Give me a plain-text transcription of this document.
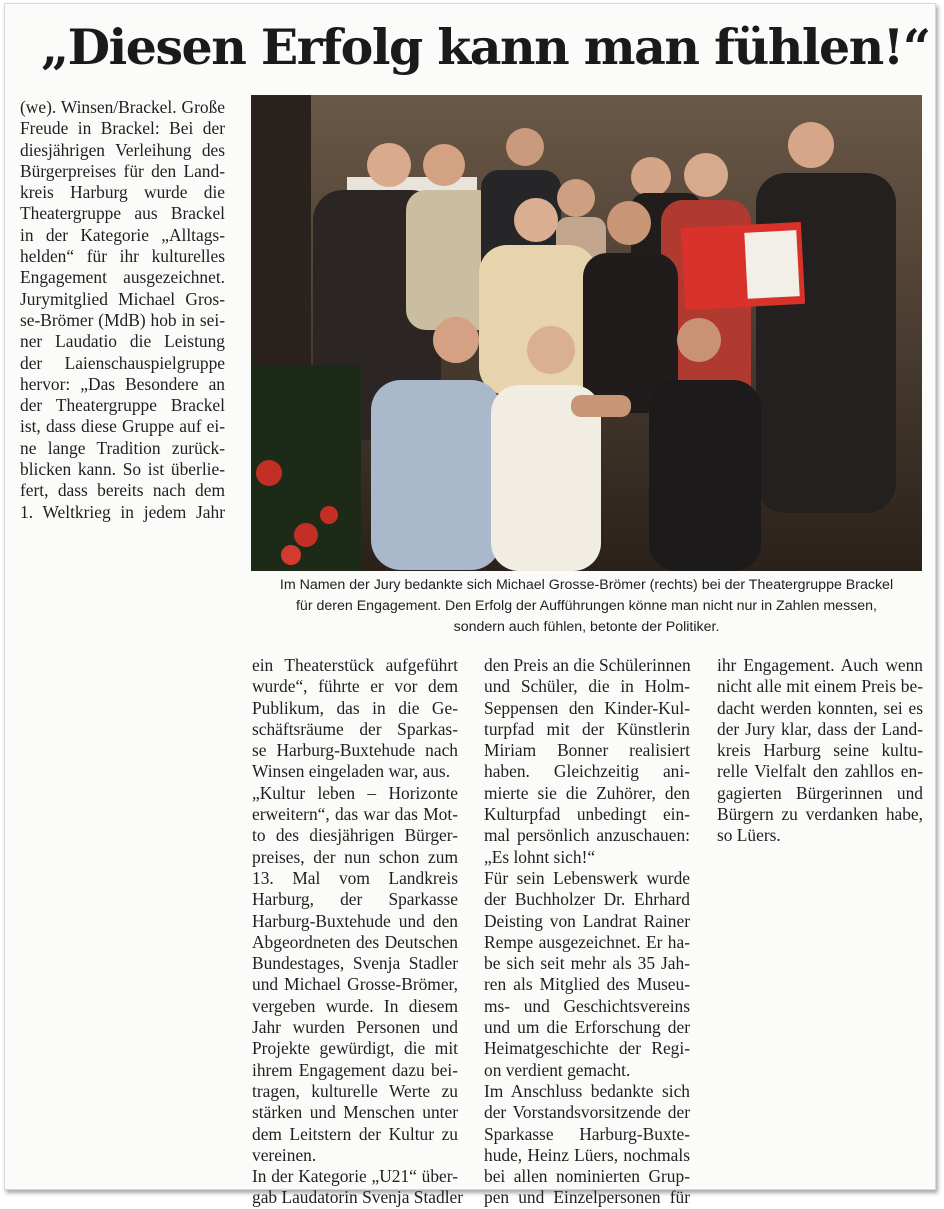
„Diesen Erfolg kann man fühlen!“
(we). Winsen/Brackel. Große
Freude in Brackel: Bei der
diesjährigen Verleihung des
Bürgerpreises für den Land-
kreis Harburg wurde die
Theatergruppe aus Brackel
in der Kategorie „Alltags-
helden“ für ihr kulturelles
Engagement ausgezeichnet.
Jurymitglied Michael Gros-
se-Brömer (MdB) hob in sei-
ner Laudatio die Leistung
der Laienschauspielgruppe
hervor: „Das Besondere an
der Theatergruppe Brackel
ist, dass diese Gruppe auf ei-
ne lange Tradition zurück-
blicken kann. So ist überlie-
fert, dass bereits nach dem
1. Weltkrieg in jedem Jahr
Im Namen der Jury bedankte sich Michael Grosse-Brömer (rechts) bei der Theatergruppe Brackel
für deren Engagement. Den Erfolg der Aufführungen könne man nicht nur in Zahlen messen,
sondern auch fühlen, betonte der Politiker.
ein Theaterstück aufgeführt
wurde“, führte er vor dem
Publikum, das in die Ge-
schäftsräume der Sparkas-
se Harburg-Buxtehude nach
Winsen eingeladen war, aus.
„Kultur leben – Horizonte
erweitern“, das war das Mot-
to des diesjährigen Bürger-
preises, der nun schon zum
13. Mal vom Landkreis
Harburg, der Sparkasse
Harburg-Buxtehude und den
Abgeordneten des Deutschen
Bundestages, Svenja Stadler
und Michael Grosse-Brömer,
vergeben wurde. In diesem
Jahr wurden Personen und
Projekte gewürdigt, die mit
ihrem Engagement dazu bei-
tragen, kulturelle Werte zu
stärken und Menschen unter
dem Leitstern der Kultur zu
vereinen.
In der Kategorie „U21“ über-
gab Laudatorin Svenja Stadler
den Preis an die Schülerinnen
und Schüler, die in Holm-
Seppensen den Kinder-Kul-
turpfad mit der Künstlerin
Miriam Bonner realisiert
haben. Gleichzeitig ani-
mierte sie die Zuhörer, den
Kulturpfad unbedingt ein-
mal persönlich anzuschauen:
„Es lohnt sich!“
Für sein Lebenswerk wurde
der Buchholzer Dr. Ehrhard
Deisting von Landrat Rainer
Rempe ausgezeichnet. Er ha-
be sich seit mehr als 35 Jah-
ren als Mitglied des Museu-
ms- und Geschichtsvereins
und um die Erforschung der
Heimatgeschichte der Regi-
on verdient gemacht.
Im Anschluss bedankte sich
der Vorstandsvorsitzende der
Sparkasse Harburg-Buxte-
hude, Heinz Lüers, nochmals
bei allen nominierten Grup-
pen und Einzelpersonen für
ihr Engagement. Auch wenn
nicht alle mit einem Preis be-
dacht werden konnten, sei es
der Jury klar, dass der Land-
kreis Harburg seine kultu-
relle Vielfalt den zahllos en-
gagierten Bürgerinnen und
Bürgern zu verdanken habe,
so Lüers.
